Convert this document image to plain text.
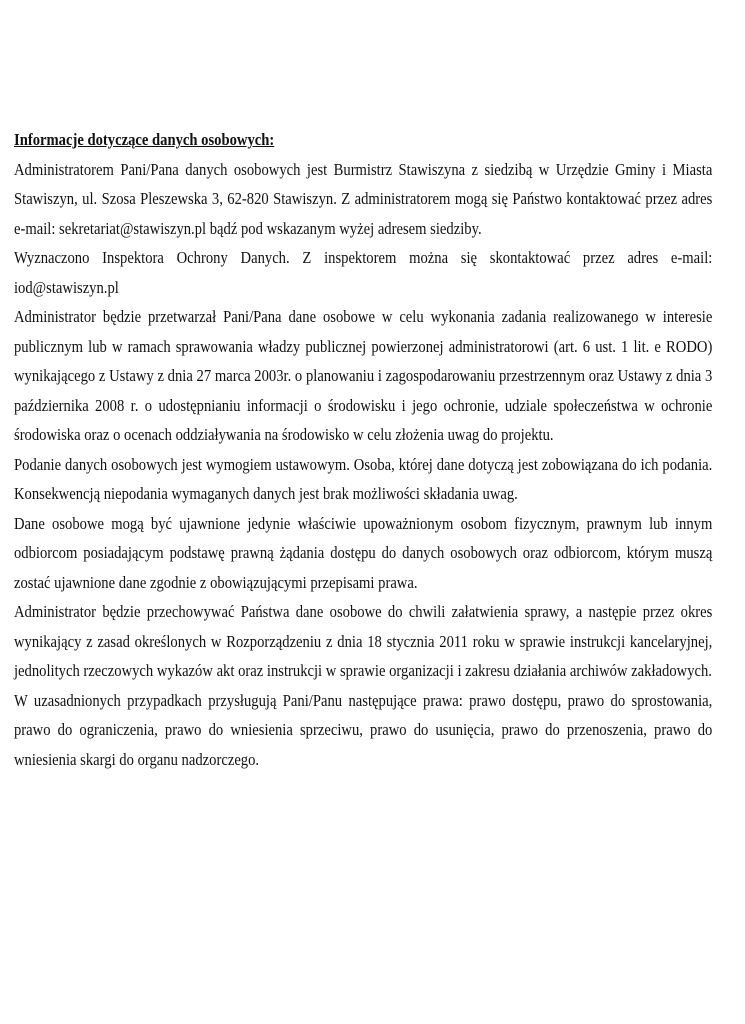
Informacje dotyczące danych osobowych:

Administratorem Pani/Pana danych osobowych jest Burmistrz Stawiszyna z siedzibą w Urzędzie Gminy i Miasta Stawiszyn, ul. Szosa Pleszewska 3, 62-820 Stawiszyn. Z administratorem mogą się Państwo kontaktować przez adres e-mail: sekretariat@stawiszyn.pl bądź pod wskazanym wyżej adresem siedziby.

Wyznaczono Inspektora Ochrony Danych. Z inspektorem można się skontaktować przez adres e-mail: iod@stawiszyn.pl

Administrator będzie przetwarzał Pani/Pana dane osobowe w celu wykonania zadania realizowanego w interesie publicznym lub w ramach sprawowania władzy publicznej powierzonej administratorowi (art. 6 ust. 1 lit. e RODO) wynikającego z Ustawy z dnia 27 marca 2003r. o planowaniu i zagospodarowaniu przestrzennym oraz Ustawy z dnia 3 października 2008 r. o udostępnianiu informacji o środowisku i jego ochronie, udziale społeczeństwa w ochronie środowiska oraz o ocenach oddziaływania na środowisko w celu złożenia uwag do projektu.

Podanie danych osobowych jest wymogiem ustawowym. Osoba, której dane dotyczą jest zobowiązana do ich podania. Konsekwencją niepodania wymaganych danych jest brak możliwości składania uwag.

Dane osobowe mogą być ujawnione jedynie właściwie upoważnionym osobom fizycznym, prawnym lub innym odbiorcom posiadającym podstawę prawną żądania dostępu do danych osobowych oraz odbiorcom, którym muszą zostać ujawnione dane zgodnie z obowiązującymi przepisami prawa.

Administrator będzie przechowywać Państwa dane osobowe do chwili załatwienia sprawy, a następie przez okres wynikający z zasad określonych w Rozporządzeniu z dnia 18 stycznia 2011 roku w sprawie instrukcji kancelaryjnej, jednolitych rzeczowych wykazów akt oraz instrukcji w sprawie organizacji i zakresu działania archiwów zakładowych.

W uzasadnionych przypadkach przysługują Pani/Panu następujące prawa: prawo dostępu, prawo do sprostowania, prawo do ograniczenia, prawo do wniesienia sprzeciwu, prawo do usunięcia, prawo do przenoszenia, prawo do wniesienia skargi do organu nadzorczego.
